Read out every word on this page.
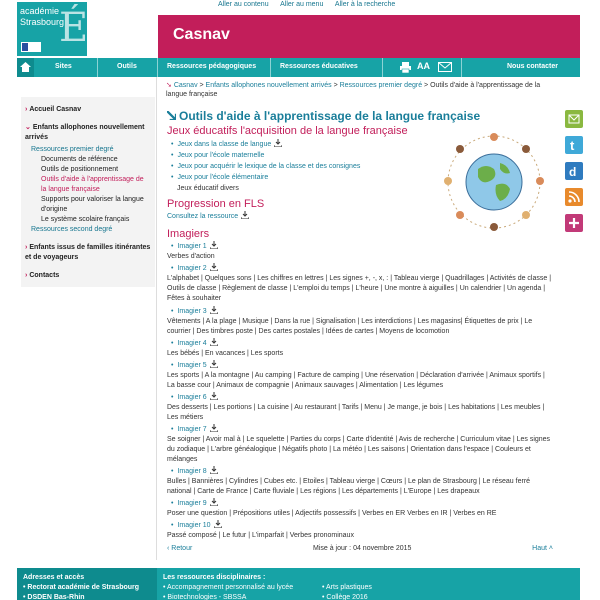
Aller au contenu Aller au menu Aller à la recherche
académie
Strasbourg
É	Casnav
Sites	Outils	Ressources pédagogiques	Ressources éducatives	AA	Nous contacter
› Accueil Casnav
⌄ Enfants allophones nouvellement arrivés
Ressources premier degré
Documents de référence
Outils de positionnement
Outils d'aide à l'apprentissage de la langue française
Supports pour valoriser la langue d'origine
Le système scolaire français
Ressources second degré
› Enfants issus de familles itinérantes et de voyageurs
› Contacts
➘ Casnav > Enfants allophones nouvellement arrivés > Ressources premier degré > Outils d'aide à l'apprentissage de la langue française
Outils d'aide à l'apprentissage de la langue française
Jeux éducatifs l'acquisition de la langue française
• Jeux dans la classe de langue
• Jeux pour l'école maternelle
• Jeux pour acquérir le lexique de la classe et des consignes
• Jeux pour l'école élémentaire
Jeux éducatif divers
Progression en FLS
Consultez la ressource
Imagiers
• Imagier 1
Verbes d'action
• Imagier 2
L'alphabet | Quelques sons | Les chiffres en lettres | Les signes +, -, x, : | Tableau vierge | Quadrillages | Activités de classe | Outils de classe | Règlement de classe | L'emploi du temps | L'heure | Une montre à aiguilles | Un calendrier | Un agenda | Fêtes à souhaiter
• Imagier 3
Vêtements | A la plage | Musique | Dans la rue | Signalisation | Les interdictions | Les magasins| Étiquettes de prix | Le courrier | Des timbres poste | Des cartes postales | Idées de cartes | Moyens de locomotion
• Imagier 4
Les bébés | En vacances | Les sports
• Imagier 5
Les sports | A la montagne | Au camping | Facture de camping | Une réservation | Déclaration d'arrivée | Animaux sportifs | La basse cour | Animaux de compagnie | Animaux sauvages | Alimentation | Les légumes
• Imagier 6
Des desserts | Les portions | La cuisine | Au restaurant | Tarifs | Menu | Je mange, je bois | Les habitations | Les meubles | Les métiers
• Imagier 7
Se soigner | Avoir mal à | Le squelette | Parties du corps | Carte d'identité | Avis de recherche | Curriculum vitae | Les signes du zodiaque | L'arbre généalogique | Négatifs photo | La météo | Les saisons | Orientation dans l'espace | Couleurs et mélanges
• Imagier 8
Bulles | Bannières | Cylindres | Cubes etc. | Etoiles | Tableau vierge | Cœurs | Le plan de Strasbourg | Le réseau ferré national | Carte de France | Carte fluviale | Les régions | Les départements | L'Europe | Les drapeaux
• Imagier 9
Poser une question | Prépositions utiles | Adjectifs possessifs | Verbes en ER Verbes en IR | Verbes en RE
• Imagier 10
Passé composé | Le futur | L'imparfait | Verbes pronominaux
‹ Retour	Mise à jour : 04 novembre 2015	Haut ˄
t
d
Adresses et accès
• Rectorat académie de Strasbourg
• DSDEN Bas-Rhin
Les ressources disciplinaires :
• Accompagnement personnalisé au lycée
• Biotechnologies - SBSSA
• Arts plastiques
• Collège 2016
